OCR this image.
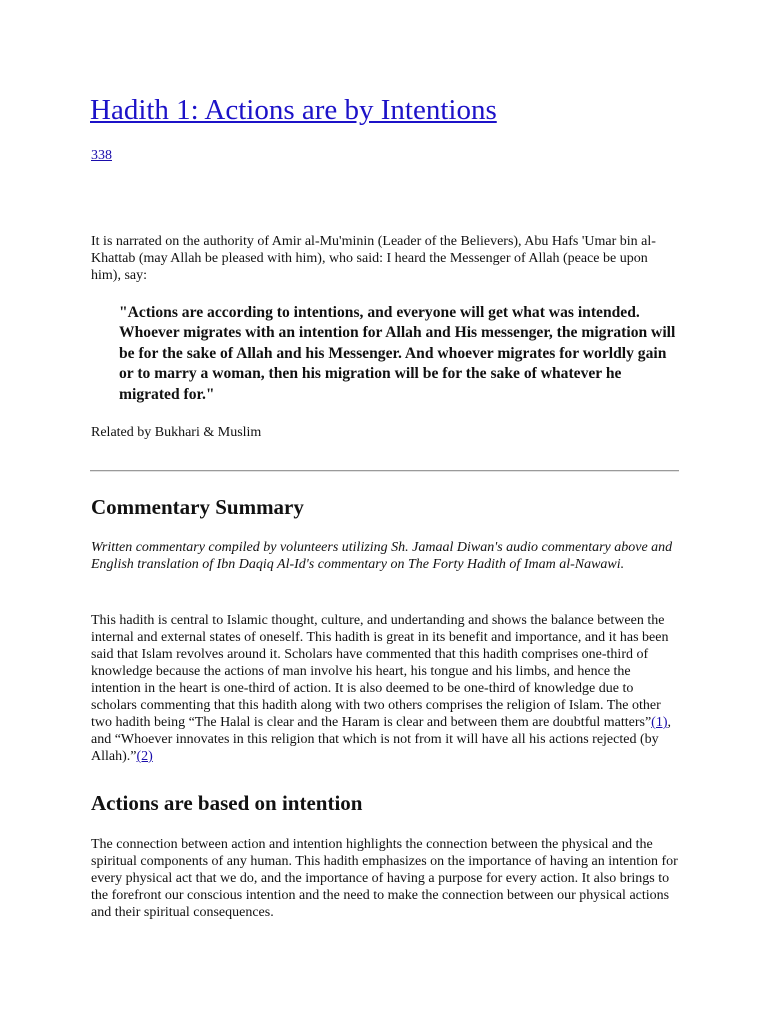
Hadith 1: Actions are by Intentions
338

It is narrated on the authority of Amir al-Mu'minin (Leader of the Believers), Abu Hafs 'Umar bin al-Khattab (may Allah be pleased with him), who said: I heard the Messenger of Allah (peace be upon him), say:

"Actions are according to intentions, and everyone will get what was intended. Whoever migrates with an intention for Allah and His messenger, the migration will be for the sake of Allah and his Messenger. And whoever migrates for worldly gain or to marry a woman, then his migration will be for the sake of whatever he migrated for."

Related by Bukhari & Muslim

Commentary Summary

Written commentary compiled by volunteers utilizing Sh. Jamaal Diwan's audio commentary above and English translation of Ibn Daqiq Al-Id's commentary on The Forty Hadith of Imam al-Nawawi.

This hadith is central to Islamic thought, culture, and undertanding and shows the balance between the internal and external states of oneself. This hadith is great in its benefit and importance, and it has been said that Islam revolves around it. Scholars have commented that this hadith comprises one-third of knowledge because the actions of man involve his heart, his tongue and his limbs, and hence the intention in the heart is one-third of action. It is also deemed to be one-third of knowledge due to scholars commenting that this hadith along with two others comprises the religion of Islam. The other two hadith being “The Halal is clear and the Haram is clear and between them are doubtful matters”(1), and “Whoever innovates in this religion that which is not from it will have all his actions rejected (by Allah).”(2)

Actions are based on intention

The connection between action and intention highlights the connection between the physical and the spiritual components of any human. This hadith emphasizes on the importance of having an intention for every physical act that we do, and the importance of having a purpose for every action. It also brings to the forefront our conscious intention and the need to make the connection between our physical actions and their spiritual consequences.
